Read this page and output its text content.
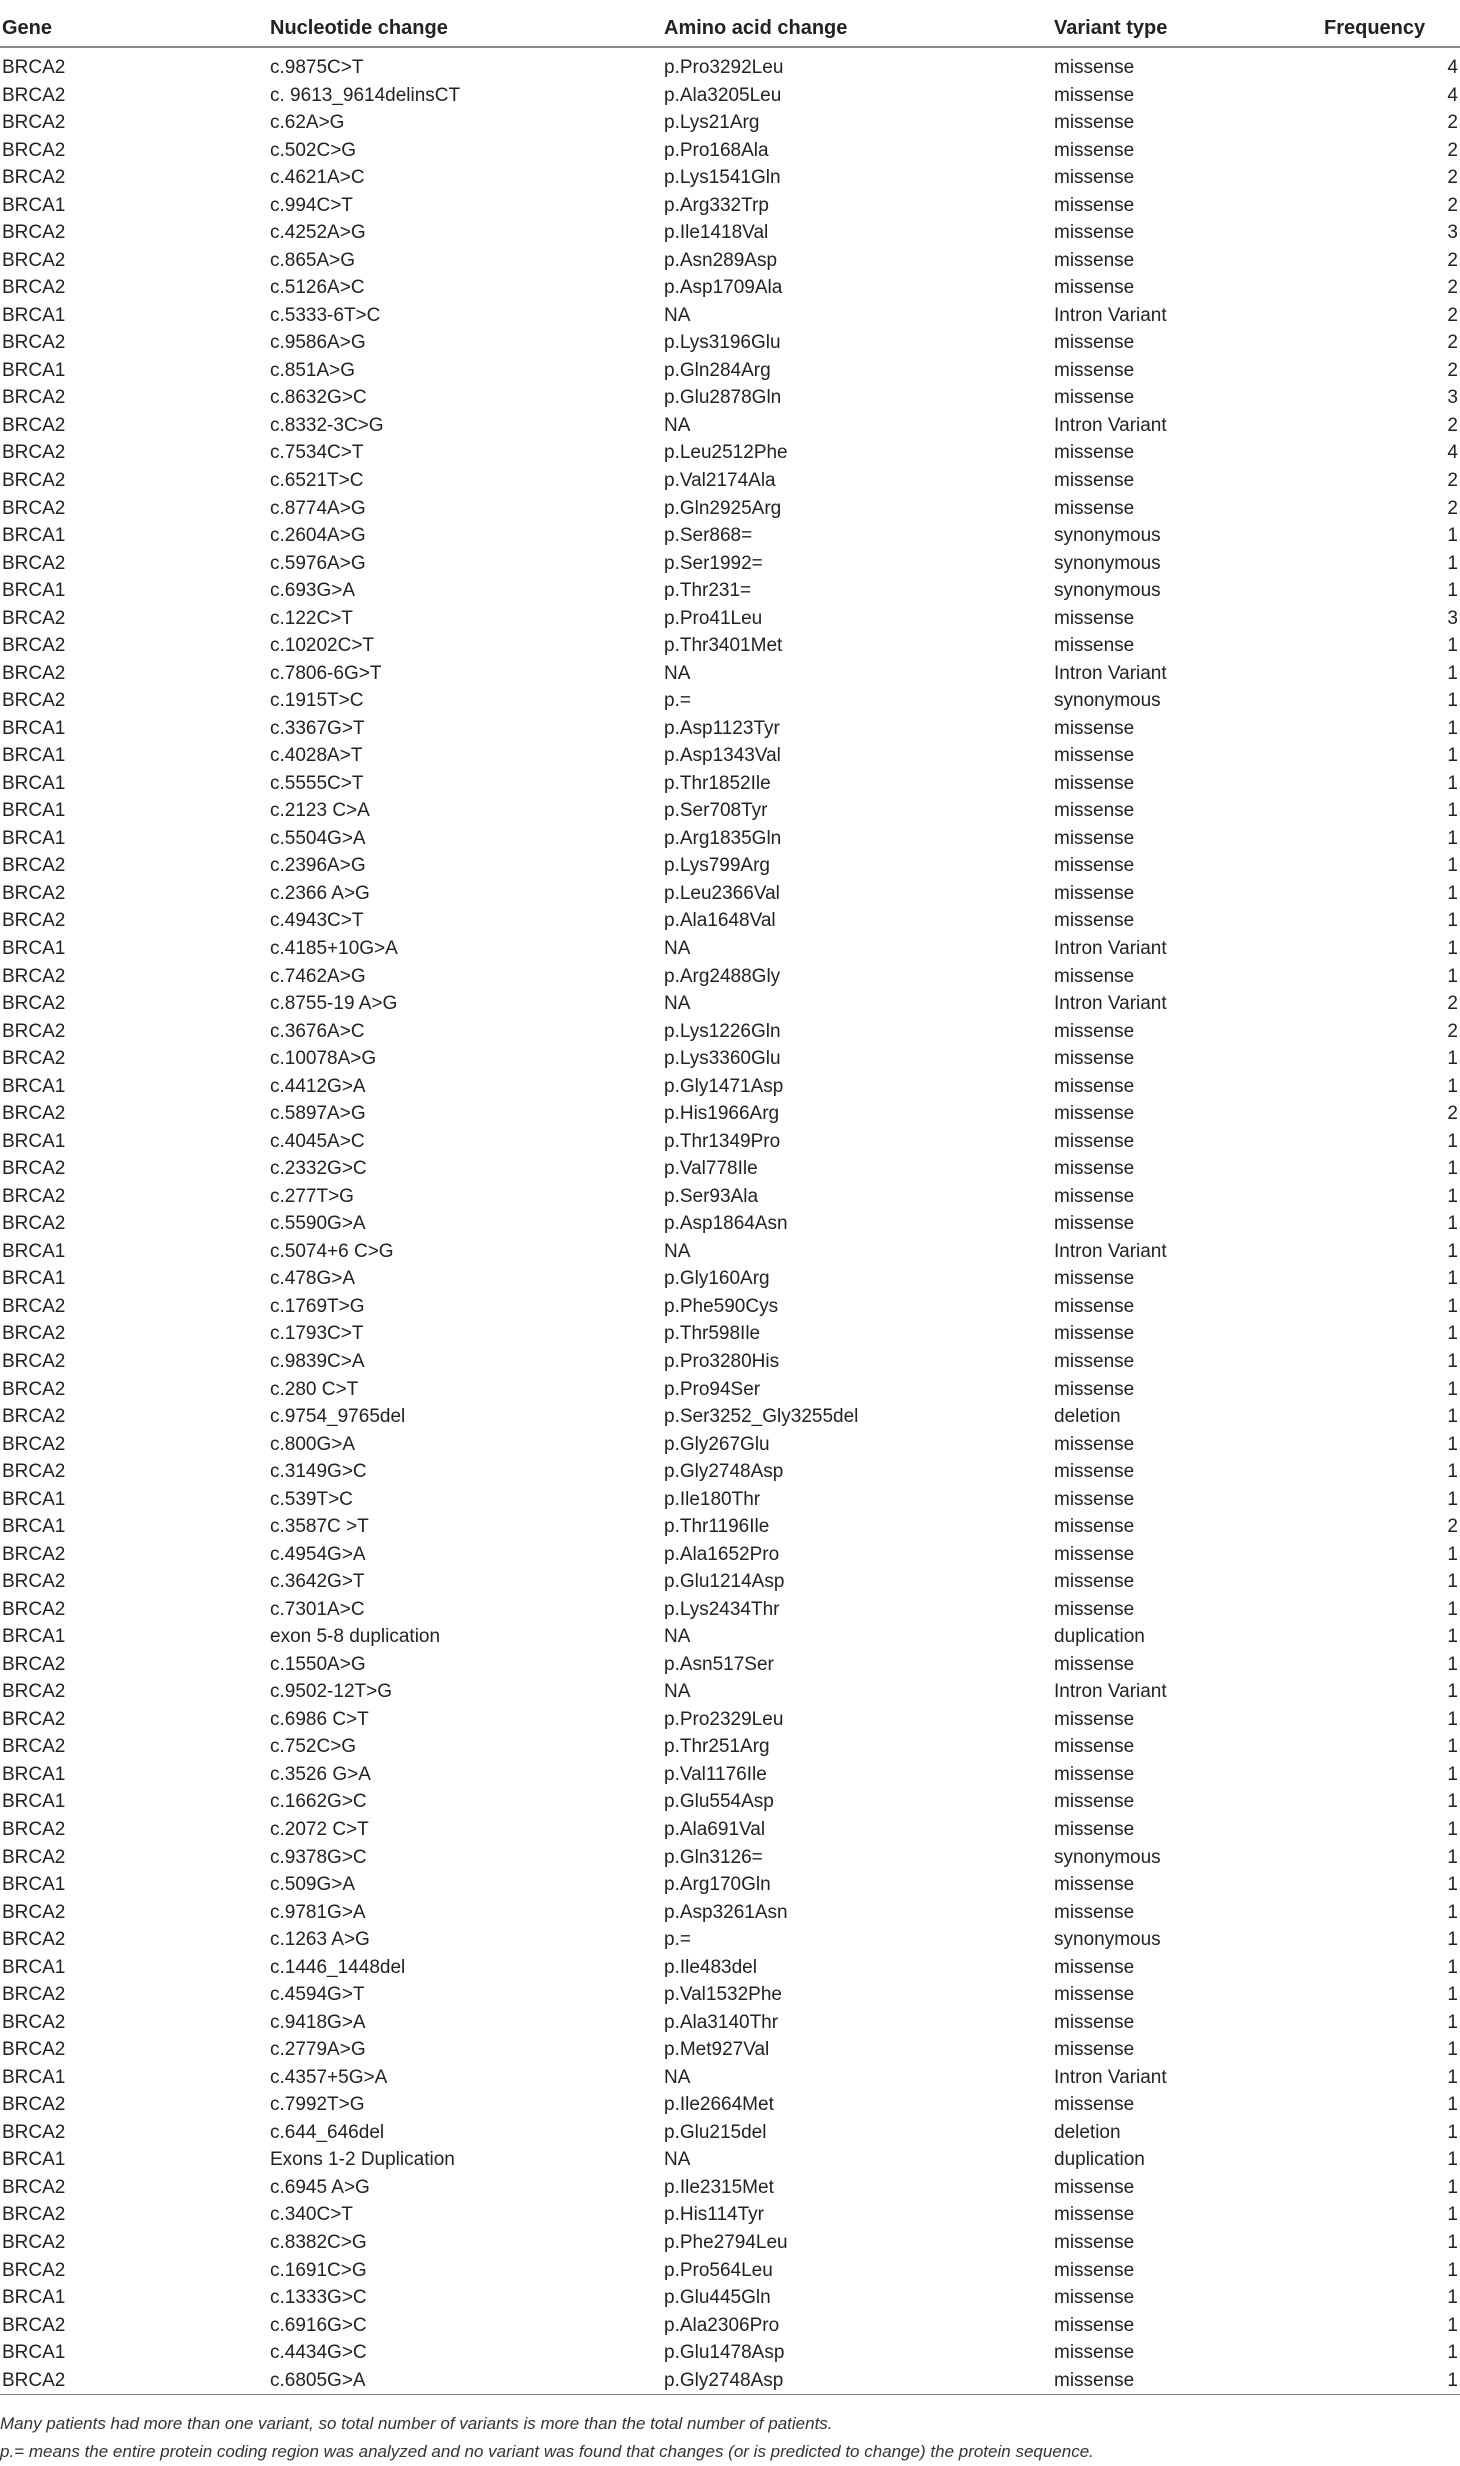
Gene	Nucleotide change	Amino acid change	Variant type	Frequency
BRCA2	c.9875C>T	p.Pro3292Leu	missense	4
BRCA2	c. 9613_9614delinsCT	p.Ala3205Leu	missense	4
BRCA2	c.62A>G	p.Lys21Arg	missense	2
BRCA2	c.502C>G	p.Pro168Ala	missense	2
BRCA2	c.4621A>C	p.Lys1541Gln	missense	2
BRCA1	c.994C>T	p.Arg332Trp	missense	2
BRCA2	c.4252A>G	p.Ile1418Val	missense	3
BRCA2	c.865A>G	p.Asn289Asp	missense	2
BRCA2	c.5126A>C	p.Asp1709Ala	missense	2
BRCA1	c.5333-6T>C	NA	Intron Variant	2
BRCA2	c.9586A>G	p.Lys3196Glu	missense	2
BRCA1	c.851A>G	p.Gln284Arg	missense	2
BRCA2	c.8632G>C	p.Glu2878Gln	missense	3
BRCA2	c.8332-3C>G	NA	Intron Variant	2
BRCA2	c.7534C>T	p.Leu2512Phe	missense	4
BRCA2	c.6521T>C	p.Val2174Ala	missense	2
BRCA2	c.8774A>G	p.Gln2925Arg	missense	2
BRCA1	c.2604A>G	p.Ser868=	synonymous	1
BRCA2	c.5976A>G	p.Ser1992=	synonymous	1
BRCA1	c.693G>A	p.Thr231=	synonymous	1
BRCA2	c.122C>T	p.Pro41Leu	missense	3
BRCA2	c.10202C>T	p.Thr3401Met	missense	1
BRCA2	c.7806-6G>T	NA	Intron Variant	1
BRCA2	c.1915T>C	p.=	synonymous	1
BRCA1	c.3367G>T	p.Asp1123Tyr	missense	1
BRCA1	c.4028A>T	p.Asp1343Val	missense	1
BRCA1	c.5555C>T	p.Thr1852Ile	missense	1
BRCA1	c.2123 C>A	p.Ser708Tyr	missense	1
BRCA1	c.5504G>A	p.Arg1835Gln	missense	1
BRCA2	c.2396A>G	p.Lys799Arg	missense	1
BRCA2	c.2366 A>G	p.Leu2366Val	missense	1
BRCA2	c.4943C>T	p.Ala1648Val	missense	1
BRCA1	c.4185+10G>A	NA	Intron Variant	1
BRCA2	c.7462A>G	p.Arg2488Gly	missense	1
BRCA2	c.8755-19 A>G	NA	Intron Variant	2
BRCA2	c.3676A>C	p.Lys1226Gln	missense	2
BRCA2	c.10078A>G	p.Lys3360Glu	missense	1
BRCA1	c.4412G>A	p.Gly1471Asp	missense	1
BRCA2	c.5897A>G	p.His1966Arg	missense	2
BRCA1	c.4045A>C	p.Thr1349Pro	missense	1
BRCA2	c.2332G>C	p.Val778Ile	missense	1
BRCA2	c.277T>G	p.Ser93Ala	missense	1
BRCA2	c.5590G>A	p.Asp1864Asn	missense	1
BRCA1	c.5074+6 C>G	NA	Intron Variant	1
BRCA1	c.478G>A	p.Gly160Arg	missense	1
BRCA2	c.1769T>G	p.Phe590Cys	missense	1
BRCA2	c.1793C>T	p.Thr598Ile	missense	1
BRCA2	c.9839C>A	p.Pro3280His	missense	1
BRCA2	c.280 C>T	p.Pro94Ser	missense	1
BRCA2	c.9754_9765del	p.Ser3252_Gly3255del	deletion	1
BRCA2	c.800G>A	p.Gly267Glu	missense	1
BRCA2	c.3149G>C	p.Gly2748Asp	missense	1
BRCA1	c.539T>C	p.Ile180Thr	missense	1
BRCA1	c.3587C >T	p.Thr1196Ile	missense	2
BRCA2	c.4954G>A	p.Ala1652Pro	missense	1
BRCA2	c.3642G>T	p.Glu1214Asp	missense	1
BRCA2	c.7301A>C	p.Lys2434Thr	missense	1
BRCA1	exon 5-8 duplication	NA	duplication	1
BRCA2	c.1550A>G	p.Asn517Ser	missense	1
BRCA2	c.9502-12T>G	NA	Intron Variant	1
BRCA2	c.6986 C>T	p.Pro2329Leu	missense	1
BRCA2	c.752C>G	p.Thr251Arg	missense	1
BRCA1	c.3526 G>A	p.Val1176Ile	missense	1
BRCA1	c.1662G>C	p.Glu554Asp	missense	1
BRCA2	c.2072 C>T	p.Ala691Val	missense	1
BRCA2	c.9378G>C	p.Gln3126=	synonymous	1
BRCA1	c.509G>A	p.Arg170Gln	missense	1
BRCA2	c.9781G>A	p.Asp3261Asn	missense	1
BRCA2	c.1263 A>G	p.=	synonymous	1
BRCA1	c.1446_1448del	p.Ile483del	missense	1
BRCA2	c.4594G>T	p.Val1532Phe	missense	1
BRCA2	c.9418G>A	p.Ala3140Thr	missense	1
BRCA2	c.2779A>G	p.Met927Val	missense	1
BRCA1	c.4357+5G>A	NA	Intron Variant	1
BRCA2	c.7992T>G	p.Ile2664Met	missense	1
BRCA2	c.644_646del	p.Glu215del	deletion	1
BRCA1	Exons 1-2 Duplication	NA	duplication	1
BRCA2	c.6945 A>G	p.Ile2315Met	missense	1
BRCA2	c.340C>T	p.His114Tyr	missense	1
BRCA2	c.8382C>G	p.Phe2794Leu	missense	1
BRCA2	c.1691C>G	p.Pro564Leu	missense	1
BRCA1	c.1333G>C	p.Glu445Gln	missense	1
BRCA2	c.6916G>C	p.Ala2306Pro	missense	1
BRCA1	c.4434G>C	p.Glu1478Asp	missense	1
BRCA2	c.6805G>A	p.Gly2748Asp	missense	1
Many patients had more than one variant, so total number of variants is more than the total number of patients.
p.= means the entire protein coding region was analyzed and no variant was found that changes (or is predicted to change) the protein sequence.
